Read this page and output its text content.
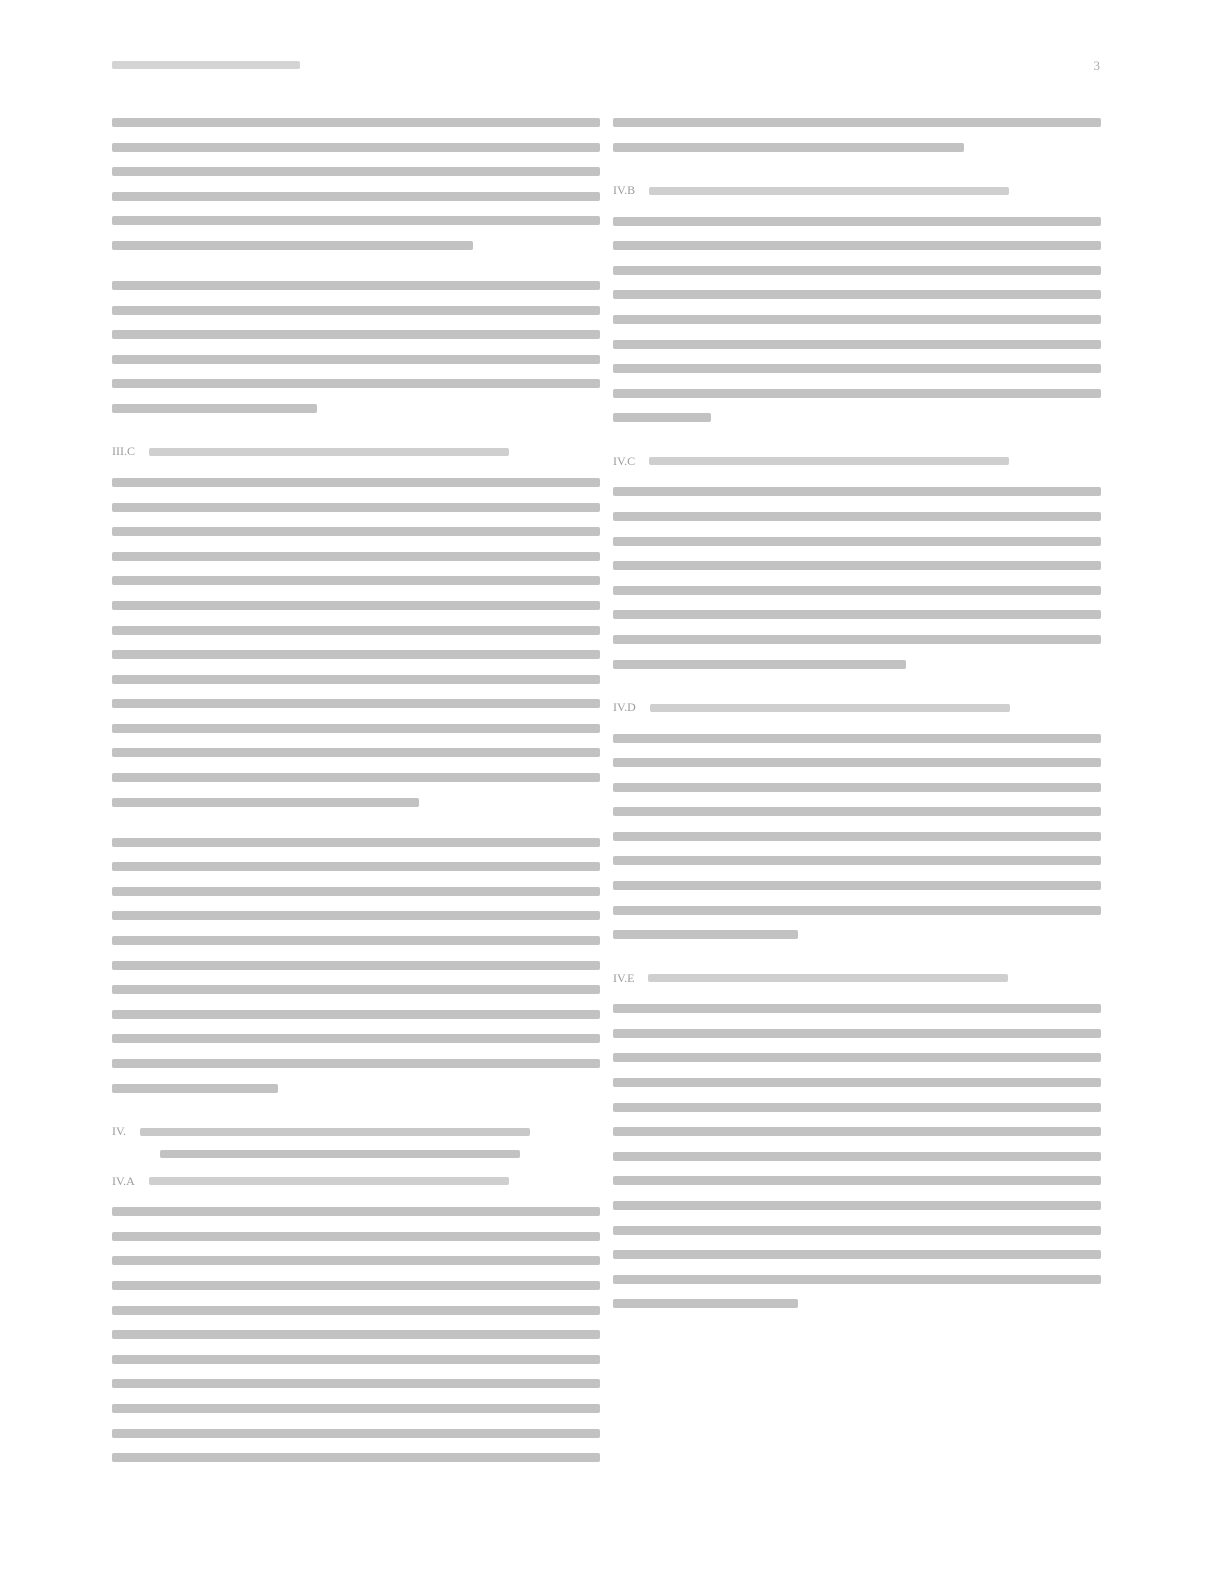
3
III.C
IV.
IV.A
IV.B
IV.C
IV.D
IV.E
